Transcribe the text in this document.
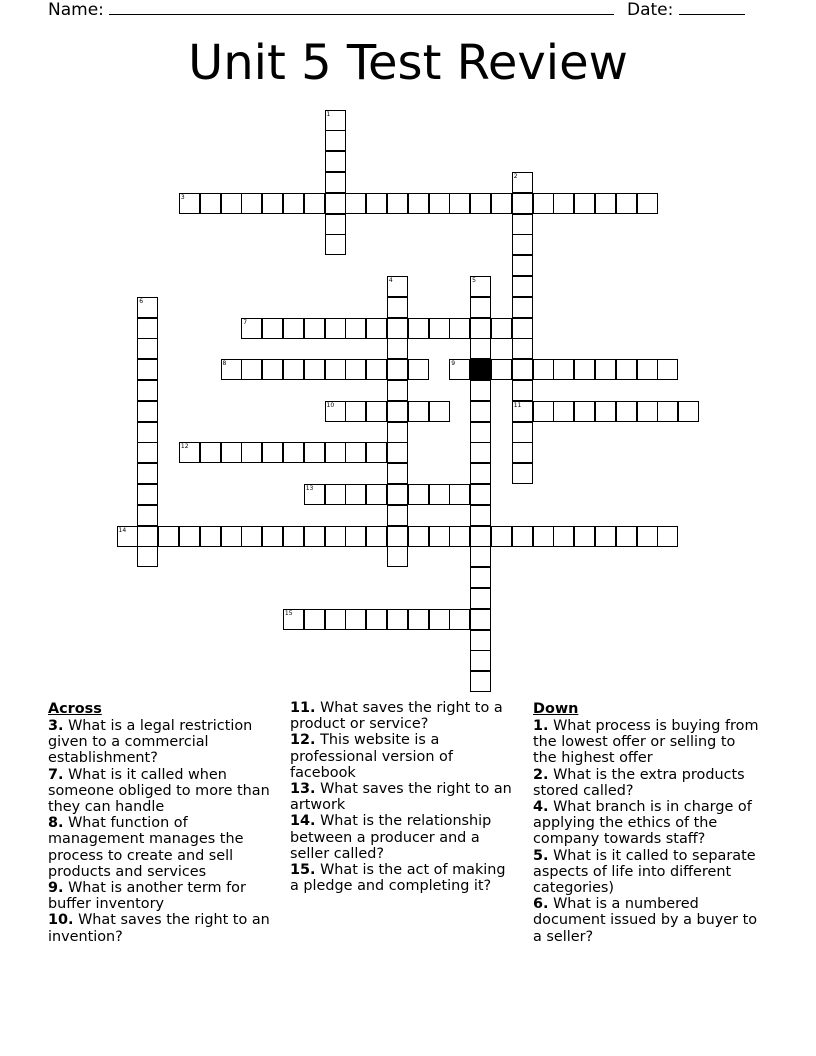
Name:	Date:
Unit 5 Test Review
1
2
11
3
4	5
6
7
8	9
10
12
13
14
15
Across

3. What is a legal restriction given to a commercial establishment?

7. What is it called when someone obliged to more than they can handle

8. What function of management manages the process to create and sell products and services

9. What is another term for buffer inventory

10. What saves the right to an invention?

11. What saves the right to a product or service?

12. This website is a professional version of facebook

13. What saves the right to an artwork

14. What is the relationship between a producer and a seller called?

15. What is the act of making a pledge and completing it?

Down

1. What process is buying from the lowest offer or selling to the highest offer

2. What is the extra products stored called?

4. What branch is in charge of applying the ethics of the company towards staff?

5. What is it called to separate aspects of life into different categories)

6. What is a numbered document issued by a buyer to a seller?
